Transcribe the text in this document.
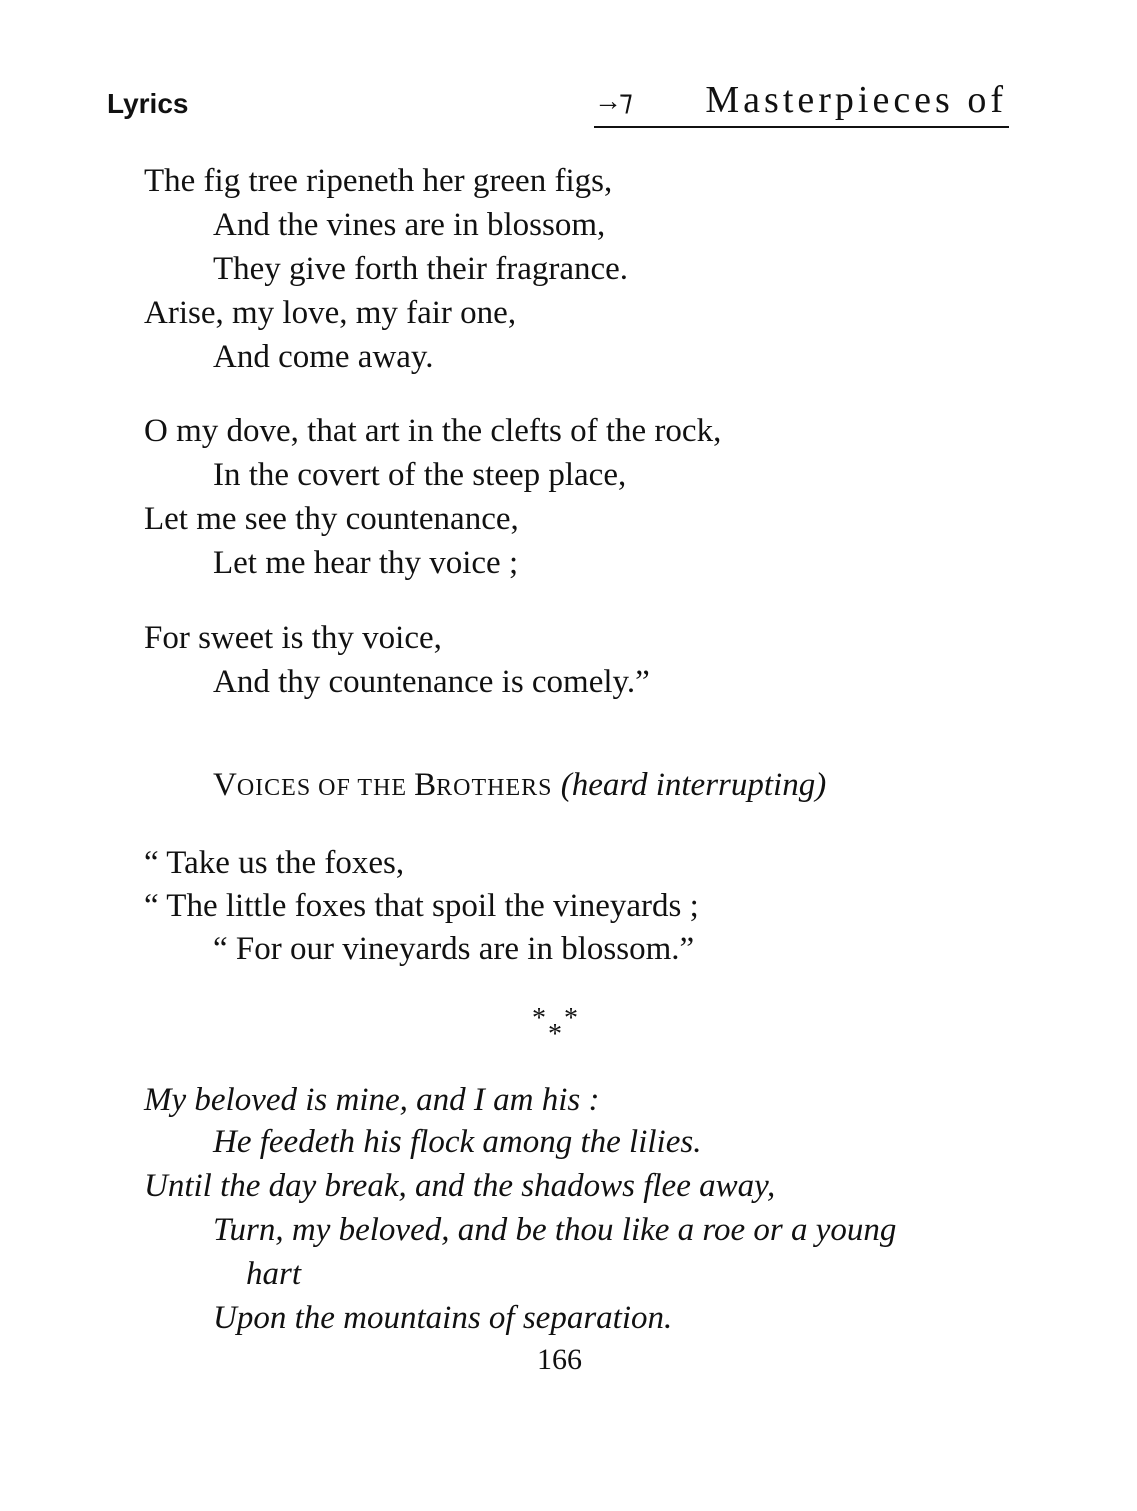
Lyrics	→⁊ Masterpieces of
The fig tree ripeneth her green figs,
And the vines are in blossom,
They give forth their fragrance.
Arise, my love, my fair one,
And come away.
O my dove, that art in the clefts of the rock,
In the covert of the steep place,
Let me see thy countenance,
Let me hear thy voice ;
For sweet is thy voice,
And thy countenance is comely.”
VOICES OF THE BROTHERS (heard interrupting)
“ Take us the foxes,
“ The little foxes that spoil the vineyards ;
“ For our vineyards are in blossom.”
* *
*
My beloved is mine, and I am his :
He feedeth his flock among the lilies.
Until the day break, and the shadows flee away,
Turn, my beloved, and be thou like a roe or a young
hart
Upon the mountains of separation.
166
